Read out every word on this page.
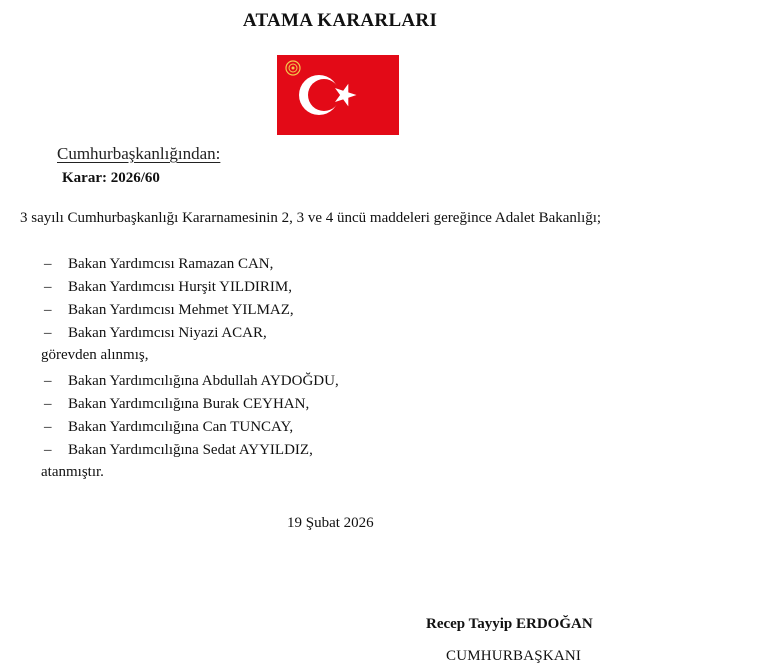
ATAMA KARARLARI
Cumhurbaşkanlığından:
Karar: 2026/60
3 sayılı Cumhurbaşkanlığı Kararnamesinin 2, 3 ve 4 üncü maddeleri gereğince Adalet Bakanlığı;
– Bakan Yardımcısı Ramazan CAN,
– Bakan Yardımcısı Hurşit YILDIRIM,
– Bakan Yardımcısı Mehmet YILMAZ,
– Bakan Yardımcısı Niyazi ACAR,
görevden alınmış,
– Bakan Yardımcılığına Abdullah AYDOĞDU,
– Bakan Yardımcılığına Burak CEYHAN,
– Bakan Yardımcılığına Can TUNCAY,
– Bakan Yardımcılığına Sedat AYYILDIZ,
atanmıştır.
19 Şubat 2026
Recep Tayyip ERDOĞAN
CUMHURBAŞKANI
